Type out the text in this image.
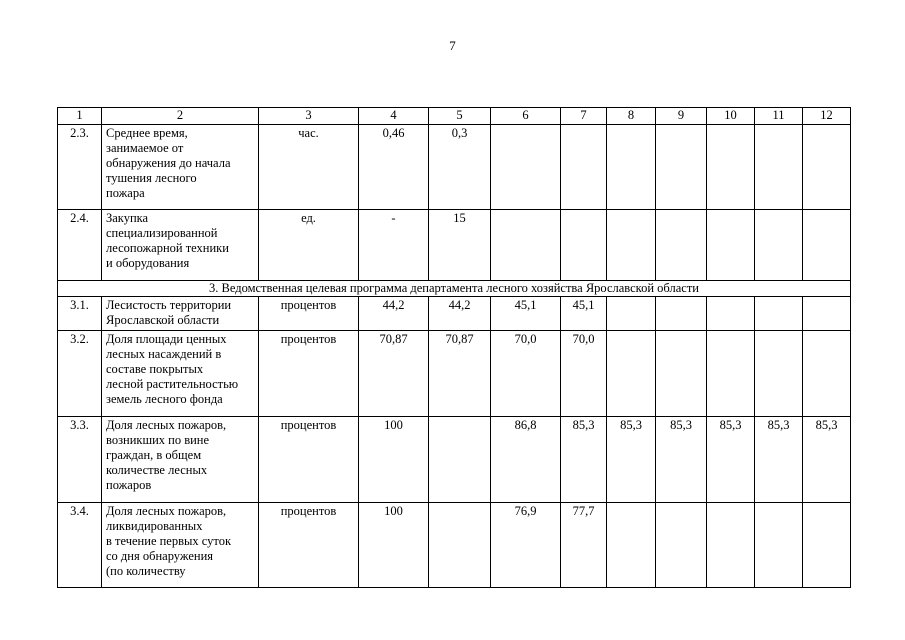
7
1	2	3	4	5	6	7	8	9	10	11	12
2.3.	Среднее время,
занимаемое от
обнаружения до начала
тушения лесного
пожара	час.	0,46	0,3							
2.4.	Закупка
специализированной
лесопожарной техники
и оборудования	ед.	-	15							
3. Ведомственная целевая программа департамента лесного хозяйства Ярославской области											
3.1.	Лесистость территории
Ярославской области	процентов	44,2	44,2	45,1	45,1					
3.2.	Доля площади ценных
лесных насаждений в
составе покрытых
лесной растительностью
земель лесного фонда	процентов	70,87	70,87	70,0	70,0					
3.3.	Доля лесных пожаров,
возникших по вине
граждан, в общем
количестве лесных
пожаров	процентов	100		86,8	85,3	85,3	85,3	85,3	85,3	85,3
3.4.	Доля лесных пожаров,
ликвидированных
в течение первых суток
со дня обнаружения
(по количеству	процентов	100		76,9	77,7					
